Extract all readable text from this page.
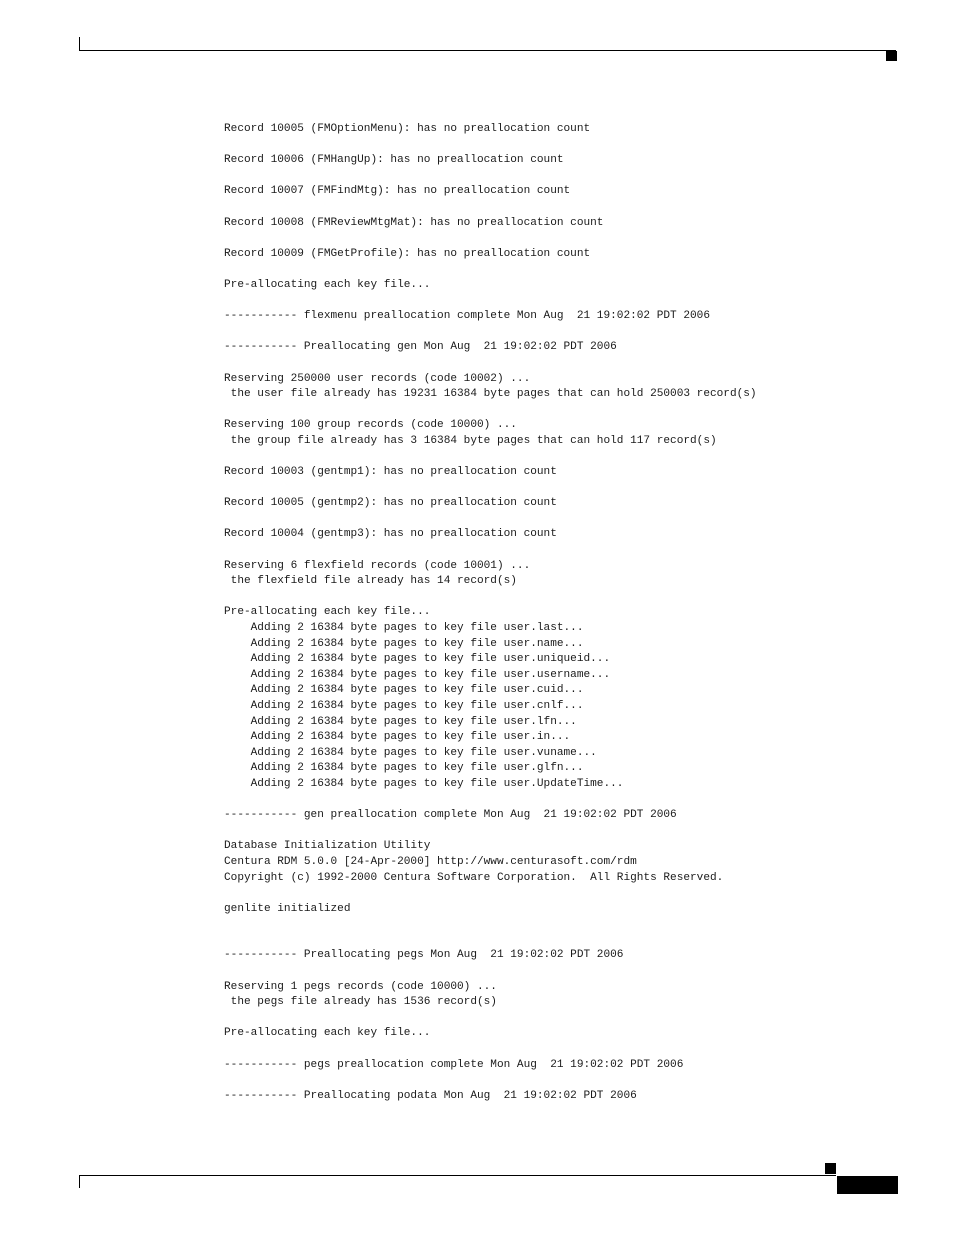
Record 10005 (FMOptionMenu): has no preallocation count
Record 10006 (FMHangUp): has no preallocation count
Record 10007 (FMFindMtg): has no preallocation count
Record 10008 (FMReviewMtgMat): has no preallocation count
Record 10009 (FMGetProfile): has no preallocation count
Pre-allocating each key file...
----------- flexmenu preallocation complete Mon Aug  21 19:02:02 PDT 2006
----------- Preallocating gen Mon Aug  21 19:02:02 PDT 2006
Reserving 250000 user records (code 10002) ...
the user file already has 19231 16384 byte pages that can hold 250003 record(s)
Reserving 100 group records (code 10000) ...
the group file already has 3 16384 byte pages that can hold 117 record(s)
Record 10003 (gentmp1): has no preallocation count
Record 10005 (gentmp2): has no preallocation count
Record 10004 (gentmp3): has no preallocation count
Reserving 6 flexfield records (code 10001) ...
the flexfield file already has 14 record(s)
Pre-allocating each key file...
Adding 2 16384 byte pages to key file user.last...
Adding 2 16384 byte pages to key file user.name...
Adding 2 16384 byte pages to key file user.uniqueid...
Adding 2 16384 byte pages to key file user.username...
Adding 2 16384 byte pages to key file user.cuid...
Adding 2 16384 byte pages to key file user.cnlf...
Adding 2 16384 byte pages to key file user.lfn...
Adding 2 16384 byte pages to key file user.in...
Adding 2 16384 byte pages to key file user.vuname...
Adding 2 16384 byte pages to key file user.glfn...
Adding 2 16384 byte pages to key file user.UpdateTime...
----------- gen preallocation complete Mon Aug  21 19:02:02 PDT 2006
Database Initialization Utility
Centura RDM 5.0.0 [24-Apr-2000] http://www.centurasoft.com/rdm
Copyright (c) 1992-2000 Centura Software Corporation.  All Rights Reserved.
genlite initialized
----------- Preallocating pegs Mon Aug  21 19:02:02 PDT 2006
Reserving 1 pegs records (code 10000) ...
the pegs file already has 1536 record(s)
Pre-allocating each key file...
----------- pegs preallocation complete Mon Aug  21 19:02:02 PDT 2006
----------- Preallocating podata Mon Aug  21 19:02:02 PDT 2006
